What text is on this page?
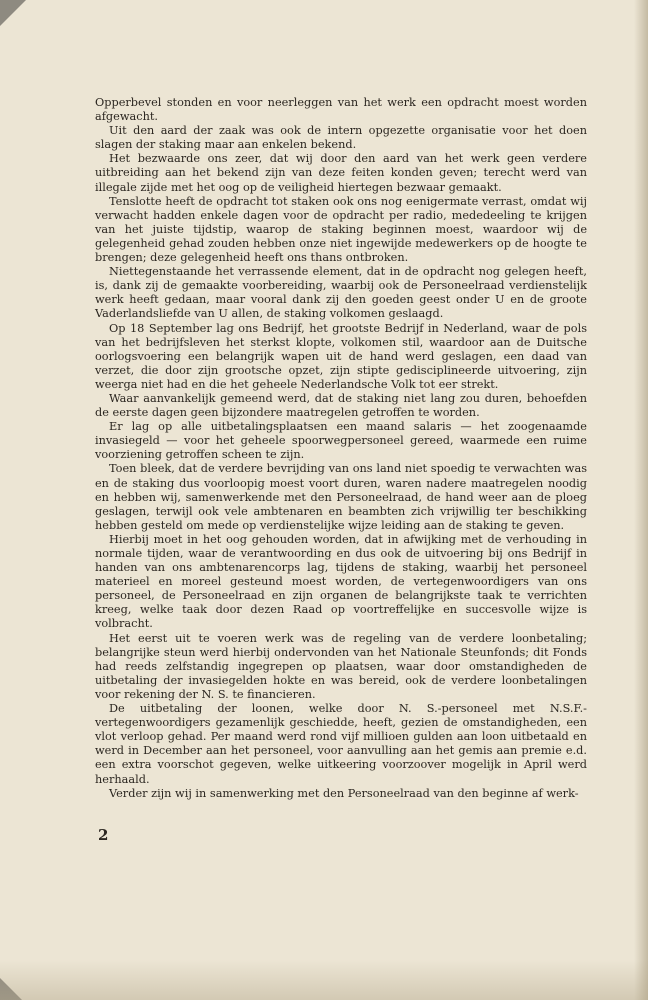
Opperbevel stonden en voor neerleggen van het werk een opdracht moest worden afgewacht.

Uit den aard der zaak was ook de intern opgezette organisatie voor het doen slagen der staking maar aan enkelen bekend.

Het bezwaarde ons zeer, dat wij door den aard van het werk geen verdere uitbreiding aan het bekend zijn van deze feiten konden geven; terecht werd van illegale zijde met het oog op de veiligheid hiertegen bezwaar gemaakt.

Tenslotte heeft de opdracht tot staken ook ons nog eenigermate verrast, omdat wij verwacht hadden enkele dagen voor de opdracht per radio, mededeeling te krijgen van het juiste tijdstip, waarop de staking beginnen moest, waardoor wij de gelegenheid gehad zouden hebben onze niet ingewijde medewerkers op de hoogte te brengen; deze gelegenheid heeft ons thans ontbroken.

Niettegenstaande het verrassende element, dat in de opdracht nog gelegen heeft, is, dank zij de gemaakte voorbereiding, waarbij ook de Personeelraad verdienstelijk werk heeft gedaan, maar vooral dank zij den goeden geest onder U en de groote Vaderlandsliefde van U allen, de staking volkomen geslaagd.

Op 18 September lag ons Bedrijf, het grootste Bedrijf in Nederland, waar de pols van het bedrijfsleven het sterkst klopte, volkomen stil, waardoor aan de Duitsche oorlogsvoering een belangrijk wapen uit de hand werd geslagen, een daad van verzet, die door zijn grootsche opzet, zijn stipte gedisciplineerde uitvoering, zijn weerga niet had en die het geheele Nederlandsche Volk tot eer strekt.

Waar aanvankelijk gemeend werd, dat de staking niet lang zou duren, behoefden de eerste dagen geen bijzondere maatregelen getroffen te worden.

Er lag op alle uitbetalingsplaatsen een maand salaris — het zoogenaamde invasiegeld — voor het geheele spoorwegpersoneel gereed, waarmede een ruime voorziening getroffen scheen te zijn.

Toen bleek, dat de verdere bevrijding van ons land niet spoedig te verwachten was en de staking dus voorloopig moest voort duren, waren nadere maatregelen noodig en hebben wij, samenwerkende met den Personeelraad, de hand weer aan de ploeg geslagen, terwijl ook vele ambtenaren en beambten zich vrijwillig ter beschikking hebben gesteld om mede op verdienstelijke wijze leiding aan de staking te geven.

Hierbij moet in het oog gehouden worden, dat in afwijking met de verhouding in normale tijden, waar de verantwoording en dus ook de uitvoering bij ons Bedrijf in handen van ons ambtenarencorps lag, tijdens de staking, waarbij het personeel materieel en moreel gesteund moest worden, de vertegenwoordigers van ons personeel, de Personeelraad en zijn organen de belangrijkste taak te verrichten kreeg, welke taak door dezen Raad op voortreffelijke en succesvolle wijze is volbracht.

Het eerst uit te voeren werk was de regeling van de verdere loonbetaling; belangrijke steun werd hierbij ondervonden van het Nationale Steunfonds; dit Fonds had reeds zelfstandig ingegrepen op plaatsen, waar door omstandigheden de uitbetaling der invasiegelden hokte en was bereid, ook de verdere loonbetalingen voor rekening der N. S. te financieren.

De uitbetaling der loonen, welke door N. S.-personeel met N.S.F.-vertegenwoordigers gezamenlijk geschiedde, heeft, gezien de omstandigheden, een vlot verloop gehad. Per maand werd rond vijf millioen gulden aan loon uitbetaald en werd in December aan het personeel, voor aanvulling aan het gemis aan premie e.d. een extra voorschot gegeven, welke uitkeering voorzoover mogelijk in April werd herhaald.

Verder zijn wij in samenwerking met den Personeelraad van den beginne af werk-

2
